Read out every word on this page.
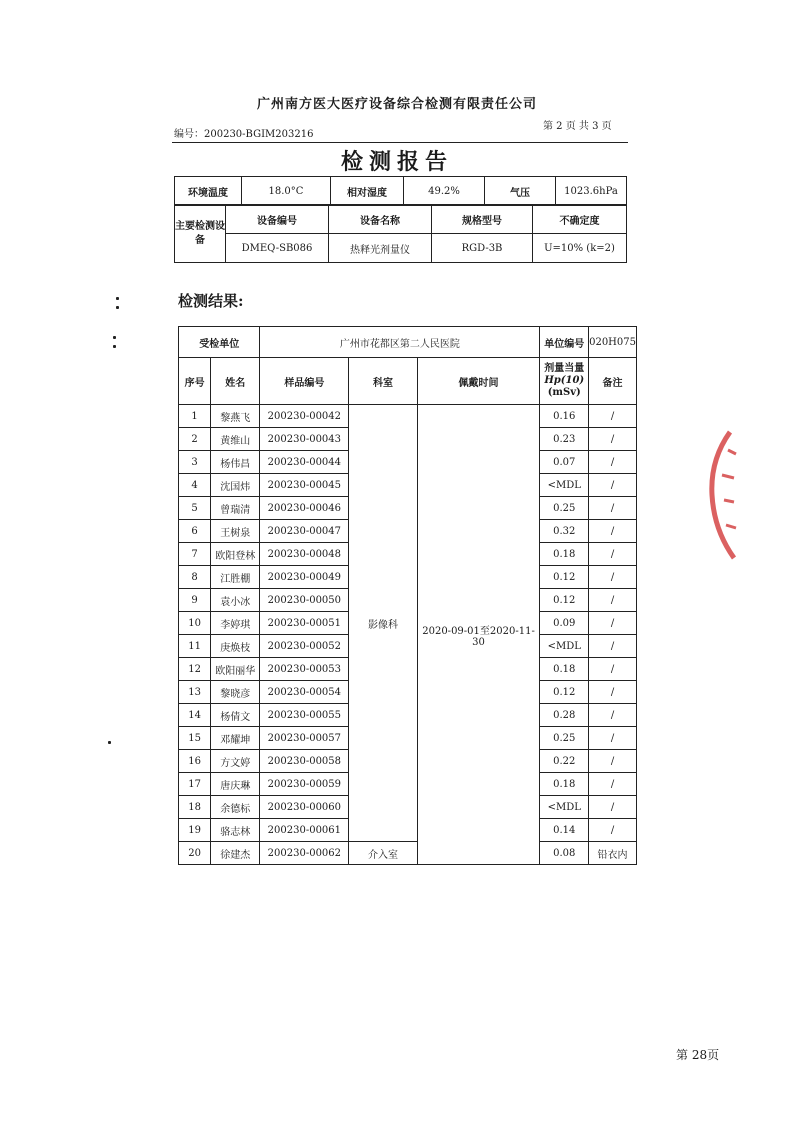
广州南方医大医疗设备综合检测有限责任公司
编号：200230-BGIM203216
第 2 页 共 3 页
检测报告
环境温度	18.0°C	相对湿度	49.2%	气压	1023.6hPa
主要检测设备	设备编号	设备名称	规格型号	不确定度
	DMEQ-SB086	热释光剂量仪	RGD-3B	U=10% (k=2)
检测结果:
受检单位		广州市花都区第二人民医院			单位编号	020H075
序号	姓名	样品编号	科室	佩戴时间	剂量当量
Hp(10)
(mSv)	备注
1	黎燕飞	200230-00042	影像科	2020-09-01至2020-11-30	0.16	/
2	黄维山	200230-00043			0.23	/
3	杨伟昌	200230-00044			0.07	/
4	沈国炜	200230-00045			<MDL	/
5	曾瑞清	200230-00046			0.25	/
6	王树泉	200230-00047			0.32	/
7	欧阳登林	200230-00048			0.18	/
8	江胜棚	200230-00049			0.12	/
9	袁小冰	200230-00050			0.12	/
10	李婷琪	200230-00051			0.09	/
11	庚焕枝	200230-00052			<MDL	/
12	欧阳丽华	200230-00053			0.18	/
13	黎晓彦	200230-00054			0.12	/
14	杨倩文	200230-00055			0.28	/
15	邓耀坤	200230-00057			0.25	/
16	方文婷	200230-00058			0.22	/
17	唐庆琳	200230-00059			0.18	/
18	余德标	200230-00060			<MDL	/
19	骆志林	200230-00061			0.14	/
20	徐建杰	200230-00062	介入室		0.08	铅衣内
第 28页
